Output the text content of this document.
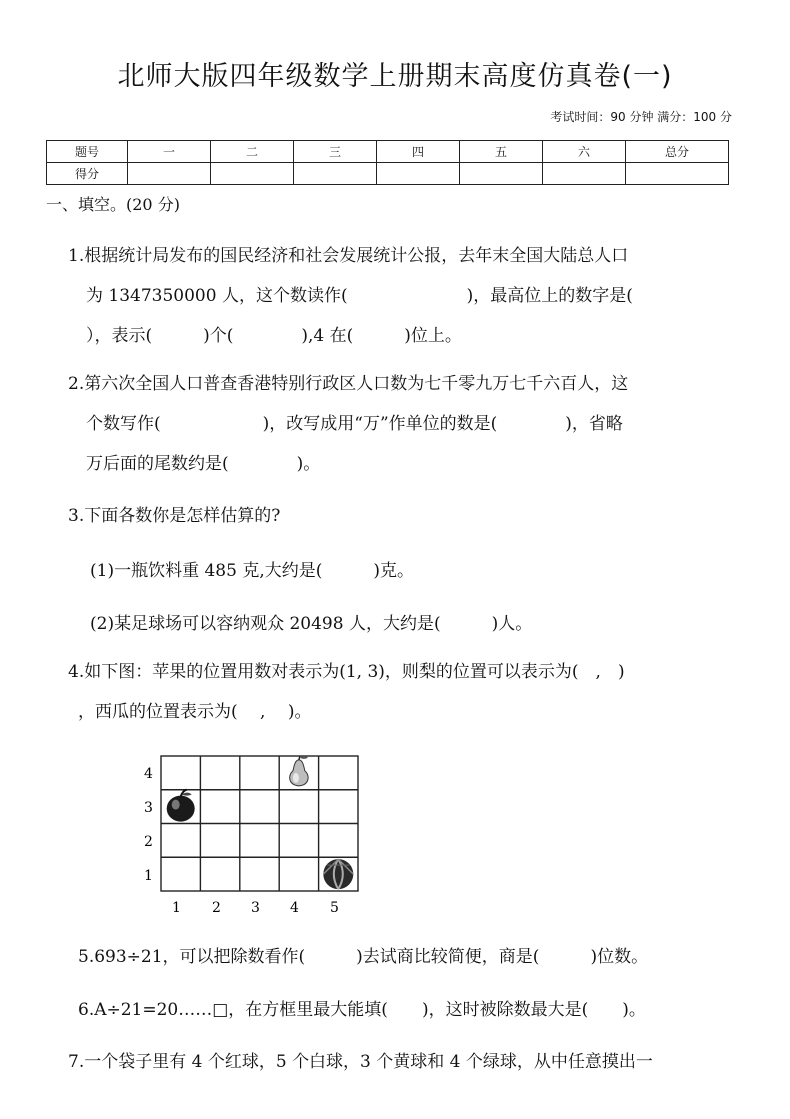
北师大版四年级数学上册期末高度仿真卷(一)
考试时间：90 分钟 满分：100 分
题号	一	二	三	四	五	六	总分
得分							
一、填空。(20 分)
1.根据统计局发布的国民经济和社会发展统计公报，去年末全国大陆总人口
为 1347350000 人，这个数读作(　　　　　　　)，最高位上的数字是(
），表示(　　　)个(　　　　),4 在(　　　)位上。
2.第六次全国人口普查香港特别行政区人口数为七千零九万七千六百人，这
个数写作(　　　　　　)，改写成用“万”作单位的数是(　　　　)，省略
万后面的尾数约是(　　　　)。
3.下面各数你是怎样估算的?
(1)一瓶饮料重 485 克,大约是(　　　)克。
(2)某足球场可以容纳观众 20498 人，大约是(　　　)人。
4.如下图：苹果的位置用数对表示为(1, 3)，则梨的位置可以表示为(　,　)
，西瓜的位置表示为(　 ,　 )。
4
3
2
1
1 2 3 4 5
5.693÷21，可以把除数看作(　　　)去试商比较简便，商是(　　　)位数。
6.A÷21=20……□，在方框里最大能填(　　)，这时被除数最大是(　　)。
7.一个袋子里有 4 个红球，5 个白球，3 个黄球和 4 个绿球，从中任意摸出一
